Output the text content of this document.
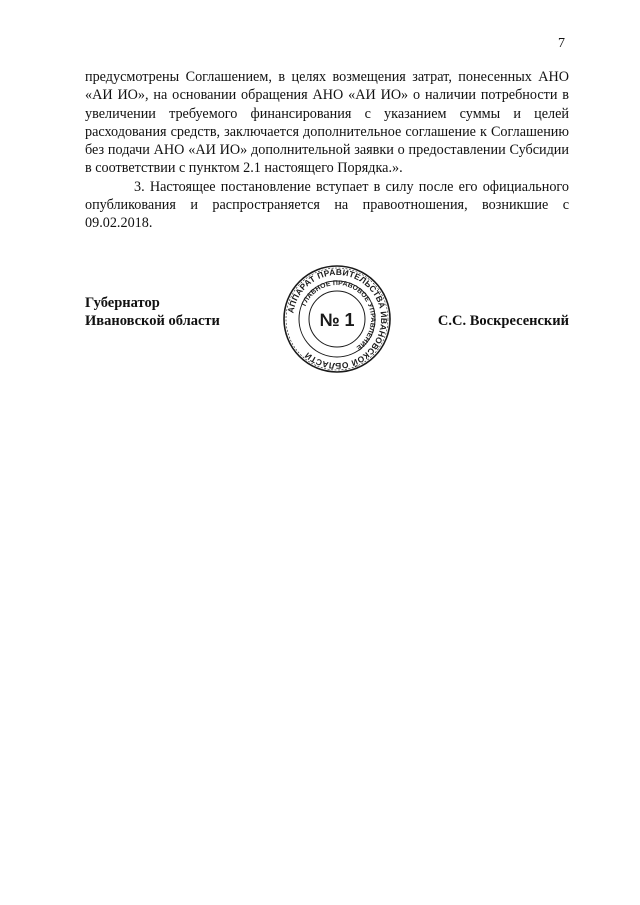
7

предусмотрены Соглашением, в целях возмещения затрат, понесенных АНО «АИ ИО», на основании обращения АНО «АИ ИО» о наличии потребности в увеличении требуемого финансирования с указанием суммы и целей расходования средств, заключается дополнительное соглашение к Соглашению без подачи АНО «АИ ИО» дополнительной заявки о предоставлении Субсидии в соответствии с пунктом 2.1 настоящего Порядка.».

3. Настоящее постановление вступает в силу после его официального опубликования и распространяется на правоотношения, возникшие с 09.02.2018.

Губернатор
Ивановской области
АППАРАТ ПРАВИТЕЛЬСТВА ИВАНОВСКОЙ ОБЛАСТИ
ГЛАВНОЕ ПРАВОВОЕ УПРАВЛЕНИЕ
№ 1	С.С. Воскресенский
